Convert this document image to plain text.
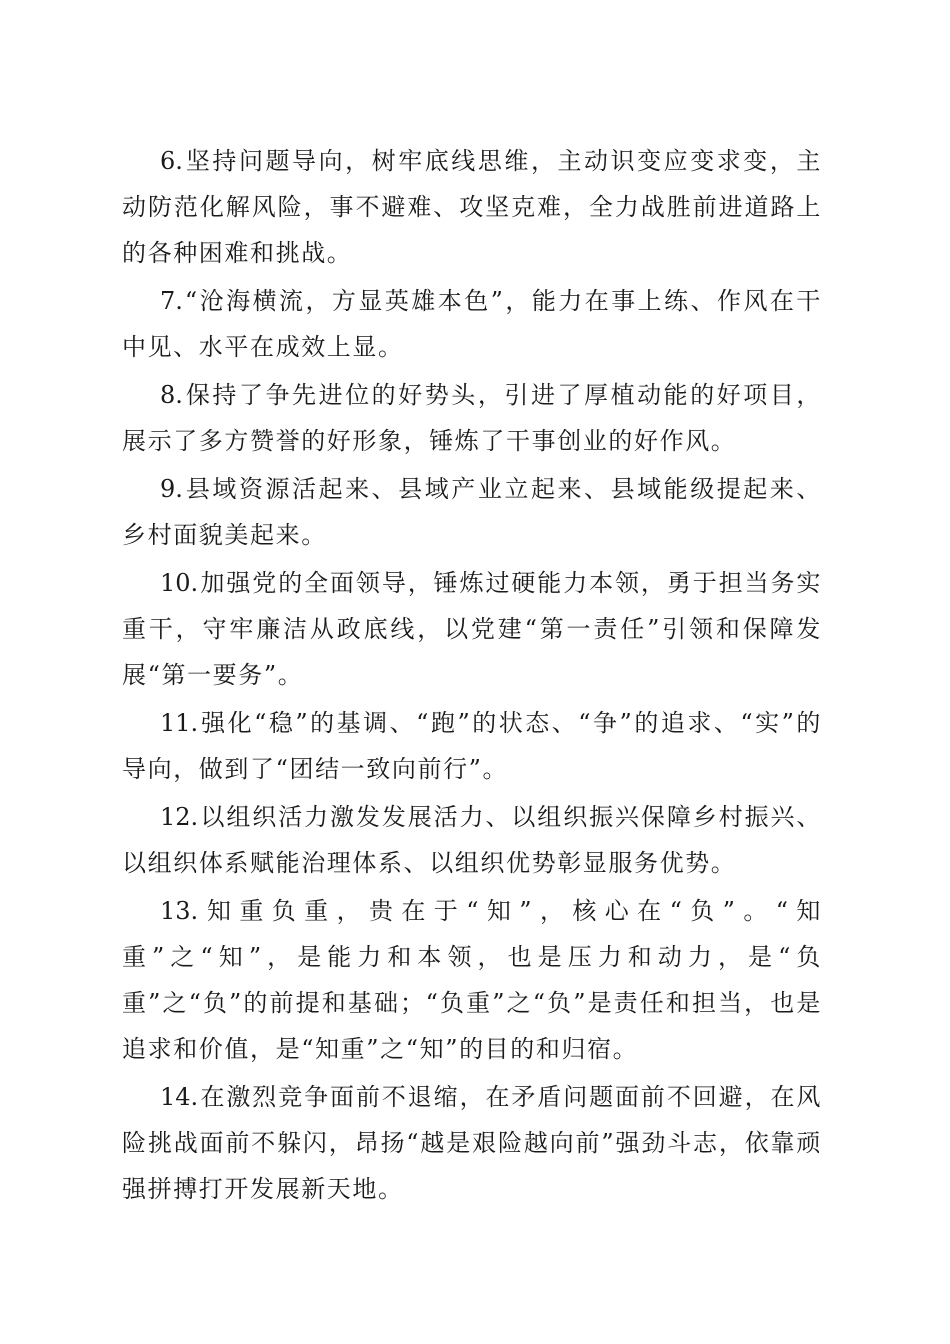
6.坚持问题导向，树牢底线思维，主动识变应变求变，主动防范化解风险，事不避难、攻坚克难，全力战胜前进道路上的各种困难和挑战。

7.“沧海横流，方显英雄本色”，能力在事上练、作风在干中见、水平在成效上显。

8.保持了争先进位的好势头，引进了厚植动能的好项目，展示了多方赞誉的好形象，锤炼了干事创业的好作风。

9.县域资源活起来、县域产业立起来、县域能级提起来、乡村面貌美起来。

10.加强党的全面领导，锤炼过硬能力本领，勇于担当务实重干，守牢廉洁从政底线，以党建“第一责任”引领和保障发展“第一要务”。

11.强化“稳”的基调、“跑”的状态、“争”的追求、“实”的导向，做到了“团结一致向前行”。

12.以组织活力激发发展活力、以组织振兴保障乡村振兴、以组织体系赋能治理体系、以组织优势彰显服务优势。

13.知重负重，贵在于“知”，核心在“负”。“知重”之“知”，是能力和本领，也是压力和动力，是“负重”之“负”的前提和基础；“负重”之“负”是责任和担当，也是追求和价值，是“知重”之“知”的目的和归宿。

14.在激烈竞争面前不退缩，在矛盾问题面前不回避，在风险挑战面前不躲闪，昂扬“越是艰险越向前”强劲斗志，依靠顽强拼搏打开发展新天地。
